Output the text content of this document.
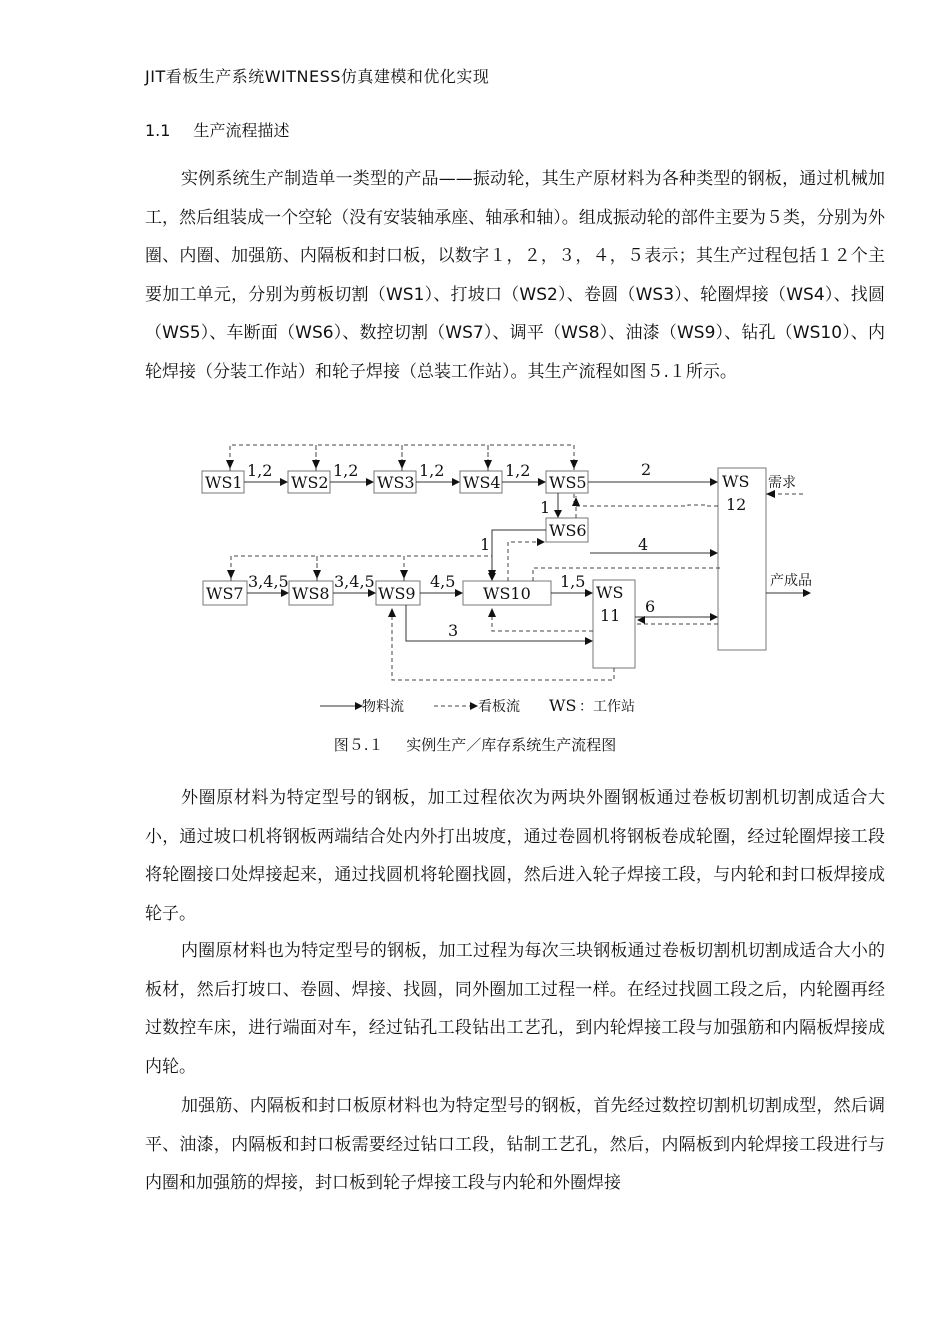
JIT看板生产系统WITNESS仿真建模和优化实现
1.1 生产流程描述

实例系统生产制造单一类型的产品——振动轮，其生产原材料为各种类型的钢板，通过机械加工，然后组装成一个空轮（没有安装轴承座、轴承和轴）。组成振动轮的部件主要为５类，分别为外圈、内圈、加强筋、内隔板和封口板，以数字１，２，３，４，５表示；其生产过程包括１２个主要加工单元，分别为剪板切割（WS1）、打坡口（WS2）、卷圆（WS3）、轮圈焊接（WS4）、找圆（WS5）、车断面（WS6）、数控切割（WS7）、调平（WS8）、油漆（WS9）、钻孔（WS10）、内轮焊接（分装工作站）和轮子焊接（总装工作站）。其生产流程如图５.１所示。

WS1	WS2	WS3	WS4	WS5
WS6
WS7	WS8	WS9	WS10	WS
11
WS
12
1,2	1,2	1,2	1,2	2
1
1	4
3,4,5	3,4,5	4,5	1,5
6
3
需求
产成品
物料流	看板流 WS ：工作站
图５.１ 实例生产／库存系统生产流程图

外圈原材料为特定型号的钢板，加工过程依次为两块外圈钢板通过卷板切割机切割成适合大小，通过坡口机将钢板两端结合处内外打出坡度，通过卷圆机将钢板卷成轮圈，经过轮圈焊接工段将轮圈接口处焊接起来，通过找圆机将轮圈找圆，然后进入轮子焊接工段，与内轮和封口板焊接成轮子。

内圈原材料也为特定型号的钢板，加工过程为每次三块钢板通过卷板切割机切割成适合大小的板材，然后打坡口、卷圆、焊接、找圆，同外圈加工过程一样。在经过找圆工段之后，内轮圈再经过数控车床，进行端面对车，经过钻孔工段钻出工艺孔，到内轮焊接工段与加强筋和内隔板焊接成内轮。

加强筋、内隔板和封口板原材料也为特定型号的钢板，首先经过数控切割机切割成型，然后调平、油漆，内隔板和封口板需要经过钻口工段，钻制工艺孔，然后，内隔板到内轮焊接工段进行与内圈和加强筋的焊接，封口板到轮子焊接工段与内轮和外圈焊接
